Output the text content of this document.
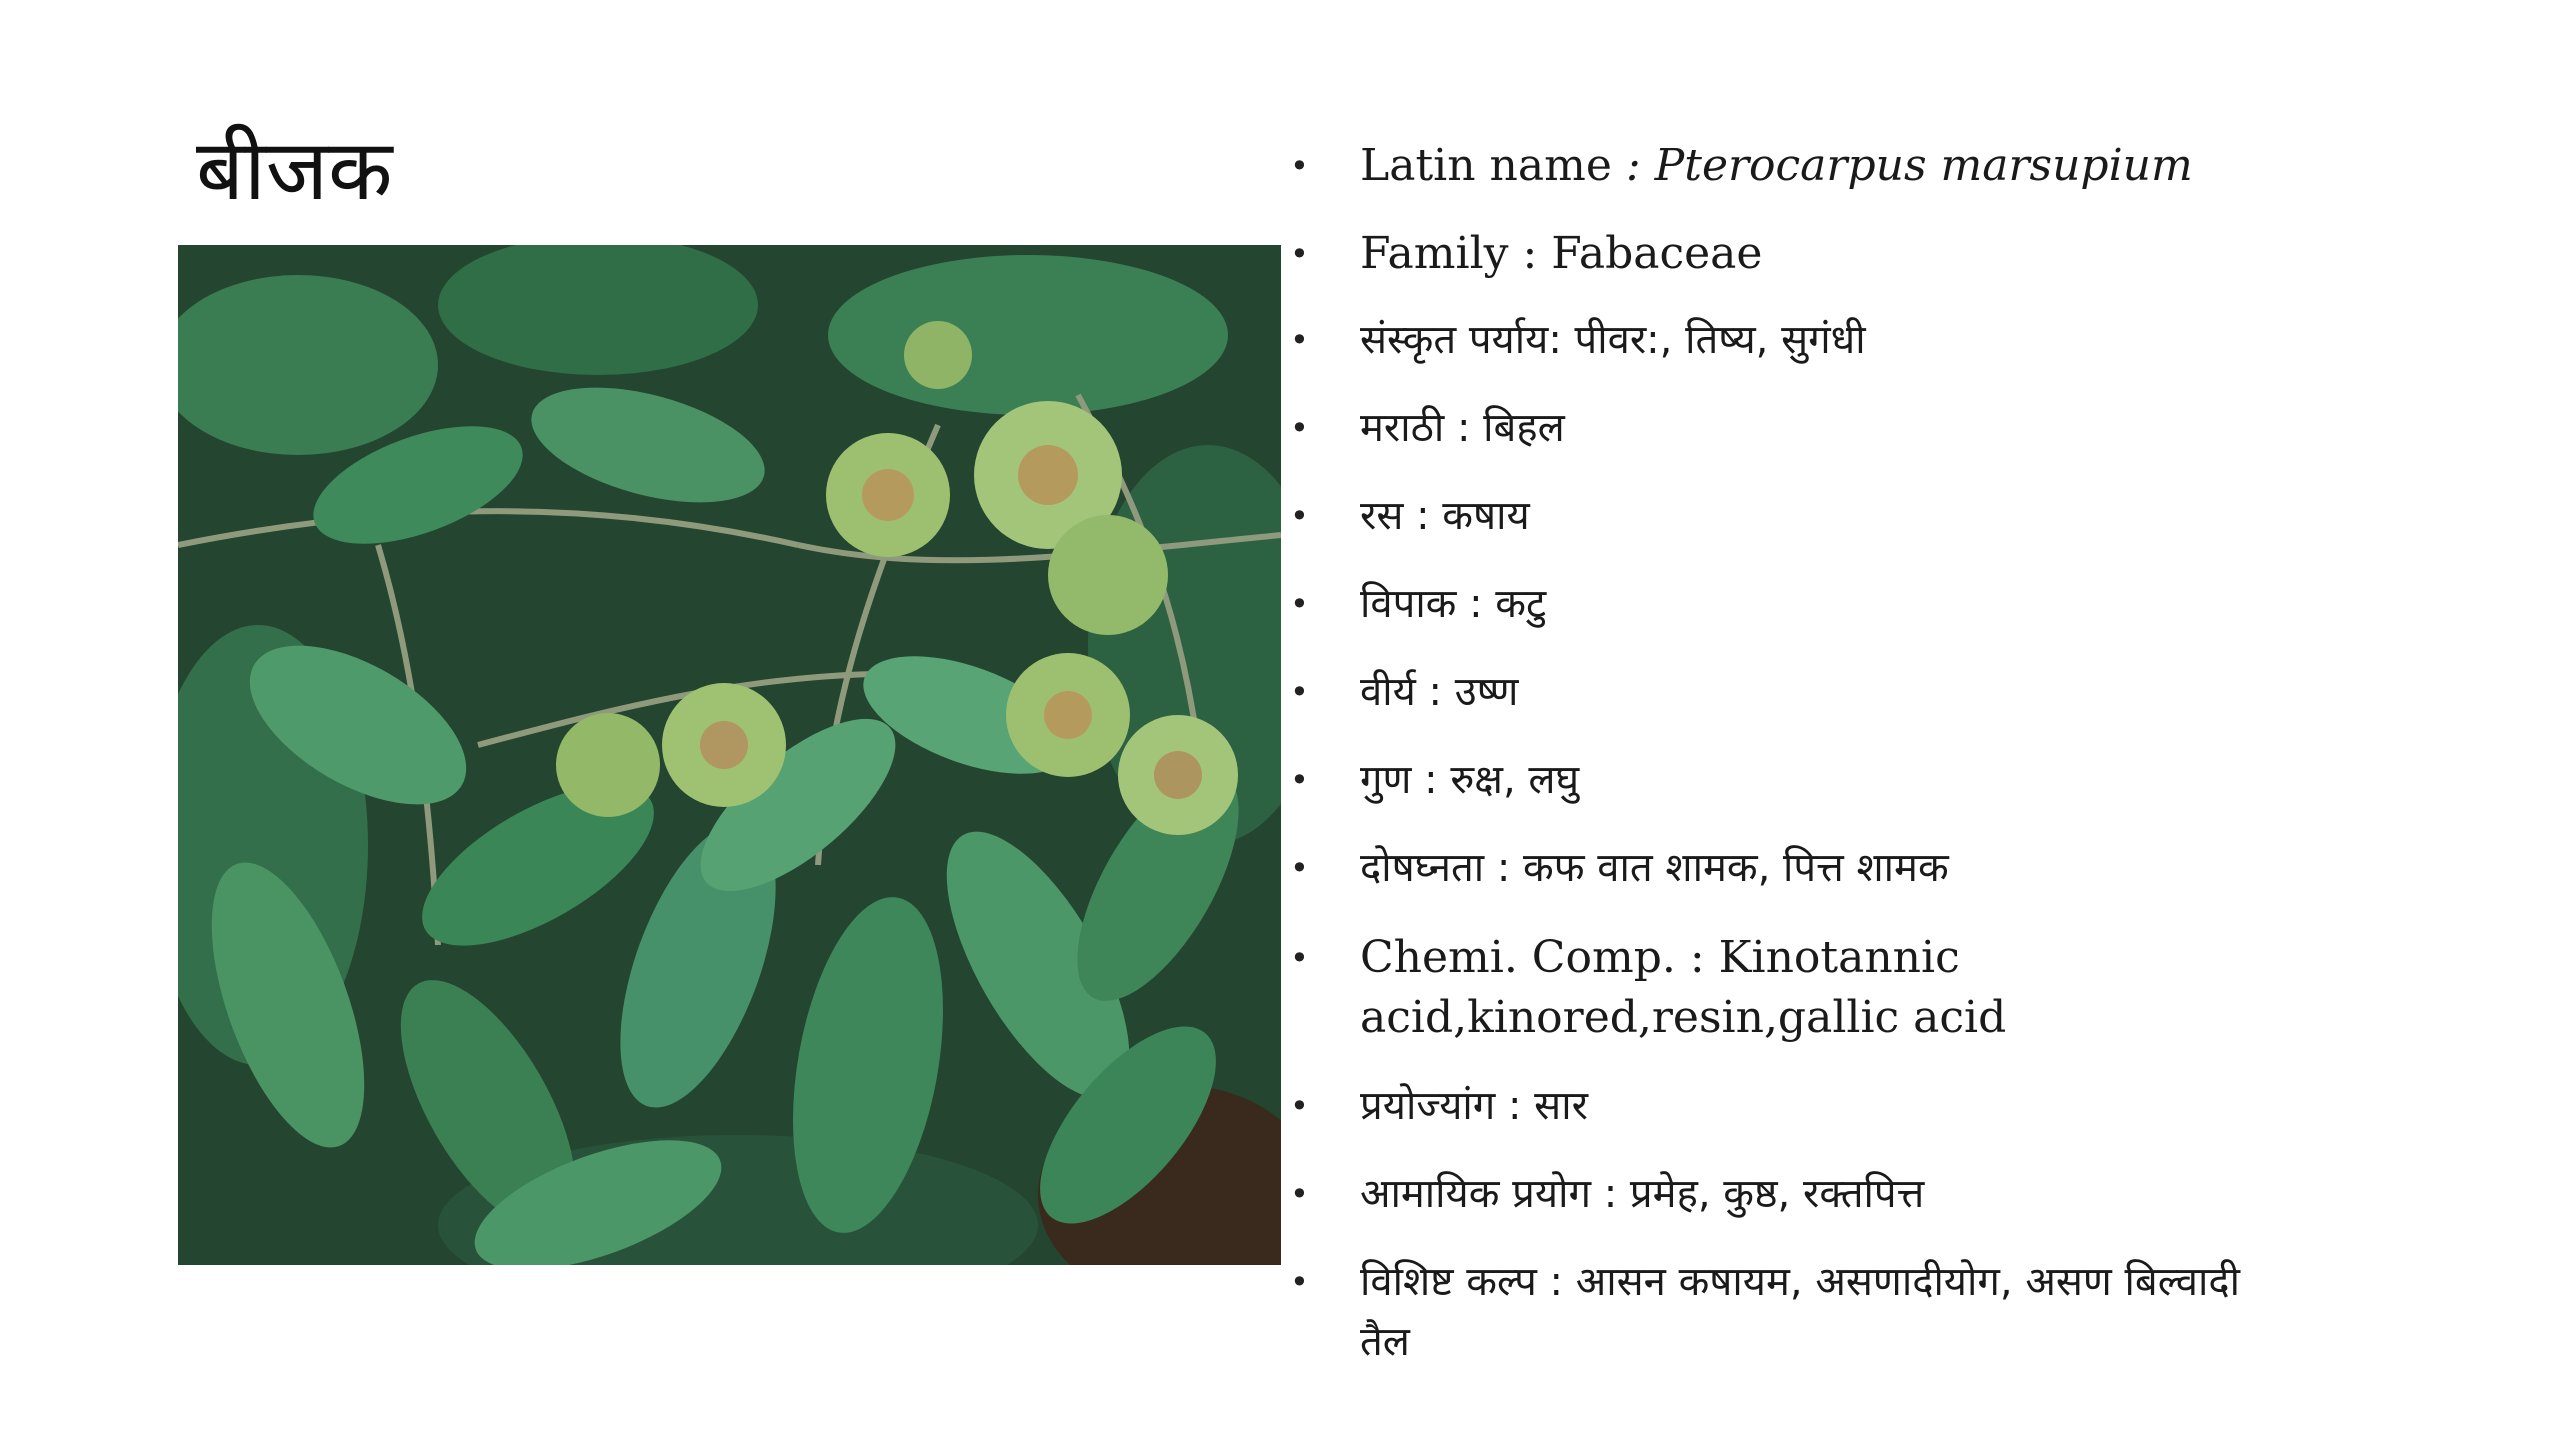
बीजक	• Latin name : Pterocarpus marsupium
• Family : Fabaceae
• संस्कृत पर्याय: पीवर:, तिष्य, सुगंधी
• मराठी : बिहल
• रस : कषाय
• विपाक : कटु
• वीर्य : उष्ण
• गुण : रुक्ष, लघु
• दोषघ्नता : कफ वात शामक, पित्त शामक
• Chemi. Comp. : Kinotannic
acid,kinored,resin,gallic acid
• प्रयोज्यांग : सार
• आमायिक प्रयोग : प्रमेह, कुष्ठ, रक्तपित्त
• विशिष्ट कल्प : आसन कषायम, असणादीयोग, असण बिल्वादी
तैल
